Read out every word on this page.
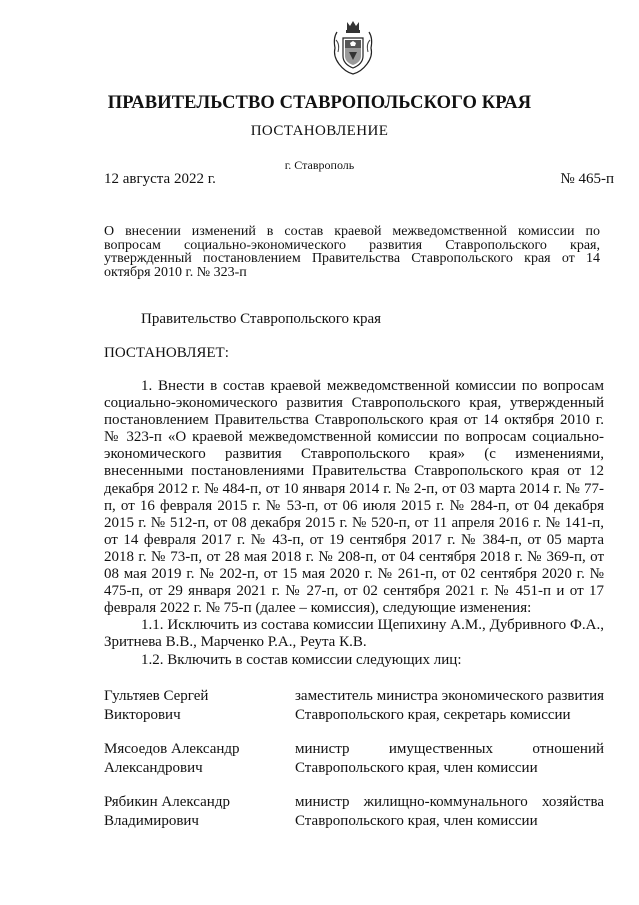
ПРАВИТЕЛЬСТВО СТАВРОПОЛЬСКОГО КРАЯ
ПОСТАНОВЛЕНИЕ
г. Ставрополь
12 августа 2022 г.	№ 465-п
О внесении изменений в состав краевой межведомственной комиссии по вопросам социально-экономического развития Ставропольского края, утвержденный постановлением Правительства Ставропольского края от 14 октября 2010 г. № 323-п
Правительство Ставропольского края
ПОСТАНОВЛЯЕТ:

1. Внести в состав краевой межведомственной комиссии по вопросам социально-экономического развития Ставропольского края, утвержденный постановлением Правительства Ставропольского края от 14 октября 2010 г. № 323-п «О краевой межведомственной комиссии по вопросам социально-экономического развития Ставропольского края» (с изменениями, внесенными постановлениями Правительства Ставропольского края от 12 декабря 2012 г. № 484-п, от 10 января 2014 г. № 2-п, от 03 марта 2014 г. № 77-п, от 16 февраля 2015 г. № 53-п, от 06 июля 2015 г. № 284-п, от 04 декабря 2015 г. № 512-п, от 08 декабря 2015 г. № 520-п, от 11 апреля 2016 г. № 141-п, от 14 февраля 2017 г. № 43-п, от 19 сентября 2017 г. № 384-п, от 05 марта 2018 г. № 73-п, от 28 мая 2018 г. № 208-п, от 04 сентября 2018 г. № 369-п, от 08 мая 2019 г. № 202-п, от 15 мая 2020 г. № 261-п, от 02 сентября 2020 г. № 475-п, от 29 января 2021 г. № 27-п, от 02 сентября 2021 г. № 451-п и от 17 февраля 2022 г. № 75-п (далее – комиссия), следующие изменения:

1.1. Исключить из состава комиссии Щепихину А.М., Дубривного Ф.А., Зритнева В.В., Марченко Р.А., Реута К.В.

1.2. Включить в состав комиссии следующих лиц:

Гультяев Сергей
Викторович
заместитель министра экономического развития Ставропольского края, секретарь комиссии
Мясоедов Александр
Александрович
министр имущественных отношений Ставропольского края, член комиссии
Рябикин Александр
Владимирович
министр жилищно-коммунального хозяйства Ставропольского края, член комиссии
